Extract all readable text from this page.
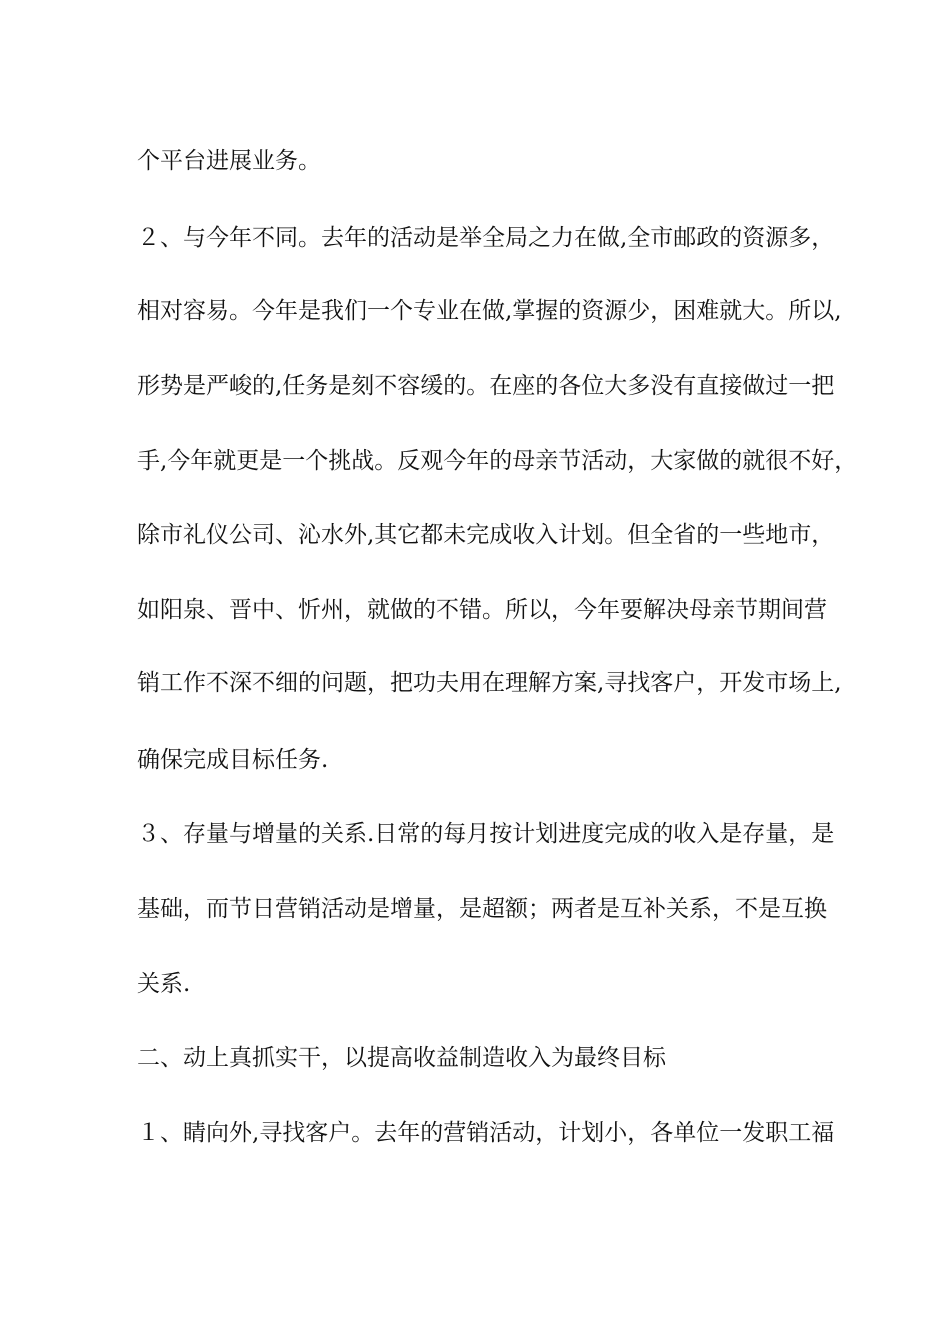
个平台进展业务。

２、与今年不同。去年的活动是举全局之力在做,全市邮政的资源多，

相对容易。今年是我们一个专业在做,掌握的资源少，困难就大。所以,

形势是严峻的,任务是刻不容缓的。在座的各位大多没有直接做过一把

手,今年就更是一个挑战。反观今年的母亲节活动，大家做的就很不好，

除市礼仪公司、沁水外,其它都未完成收入计划。但全省的一些地市，

如阳泉、晋中、忻州，就做的不错。所以，今年要解决母亲节期间营

销工作不深不细的问题，把功夫用在理解方案,寻找客户，开发市场上,

确保完成目标任务.

３、存量与增量的关系.日常的每月按计划进度完成的收入是存量，是

基础，而节日营销活动是增量，是超额；两者是互补关系，不是互换

关系.

二、动上真抓实干，以提高收益制造收入为最终目标

１、睛向外,寻找客户。去年的营销活动，计划小，各单位一发职工福
